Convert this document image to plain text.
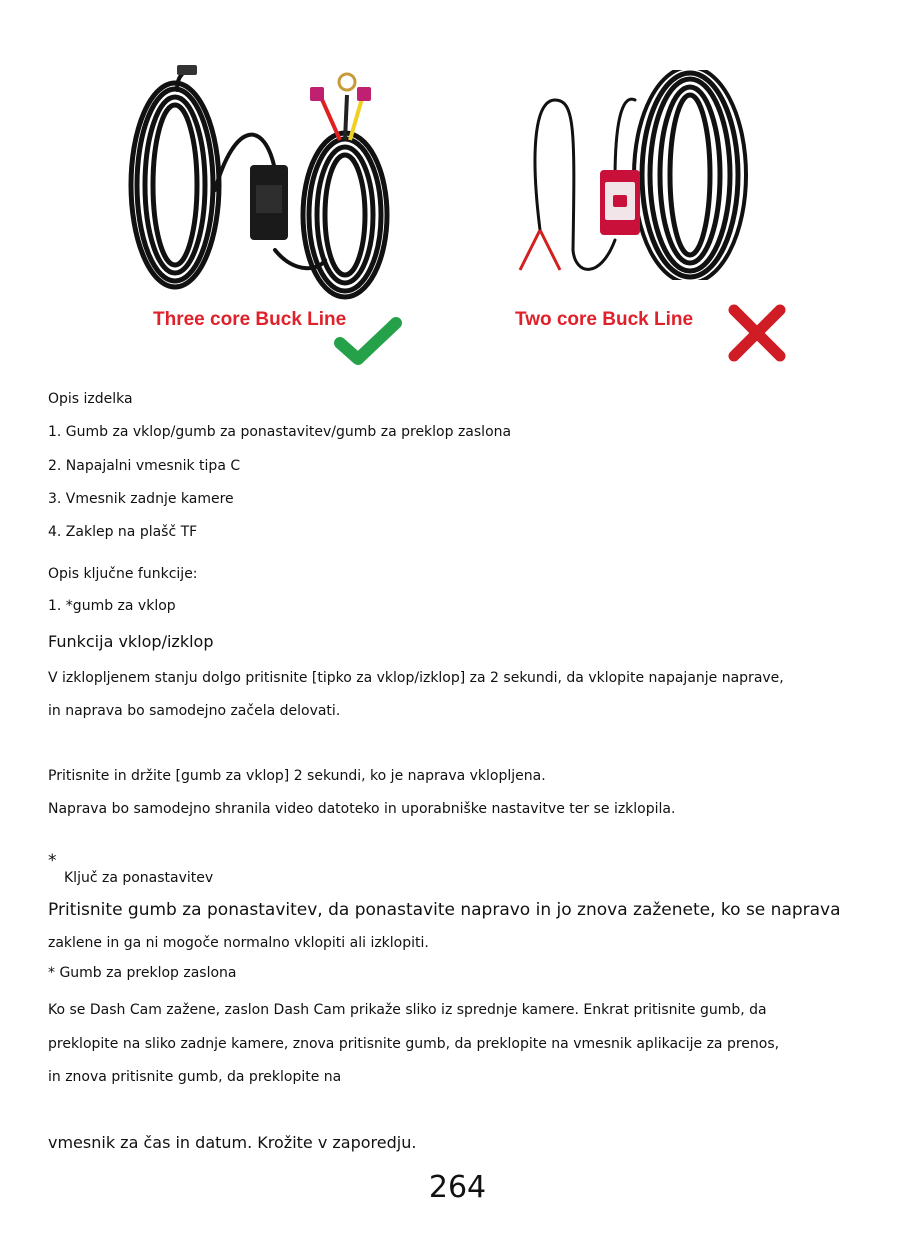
Three core Buck Line	Two core Buck Line
Opis izdelka
1. Gumb za vklop/gumb za ponastavitev/gumb za preklop zaslona
2. Napajalni vmesnik tipa C
3. Vmesnik zadnje kamere
4. Zaklep na plašč TF
Opis ključne funkcije:
1. *gumb za vklop
Funkcija vklop/izklop
V izklopljenem stanju dolgo pritisnite [tipko za vklop/izklop] za 2 sekundi, da vklopite napajanje naprave,
in naprava bo samodejno začela delovati.
Pritisnite in držite [gumb za vklop] 2 sekundi, ko je naprava vklopljena.
Naprava bo samodejno shranila video datoteko in uporabniške nastavitve ter se izklopila.
*
Ključ za ponastavitev
Pritisnite gumb za ponastavitev, da ponastavite napravo in jo znova zaženete, ko se naprava
zaklene in ga ni mogoče normalno vklopiti ali izklopiti.
* Gumb za preklop zaslona
Ko se Dash Cam zažene, zaslon Dash Cam prikaže sliko iz sprednje kamere. Enkrat pritisnite gumb, da
preklopite na sliko zadnje kamere, znova pritisnite gumb, da preklopite na vmesnik aplikacije za prenos,
in znova pritisnite gumb, da preklopite na
vmesnik za čas in datum. Krožite v zaporedju.
264
